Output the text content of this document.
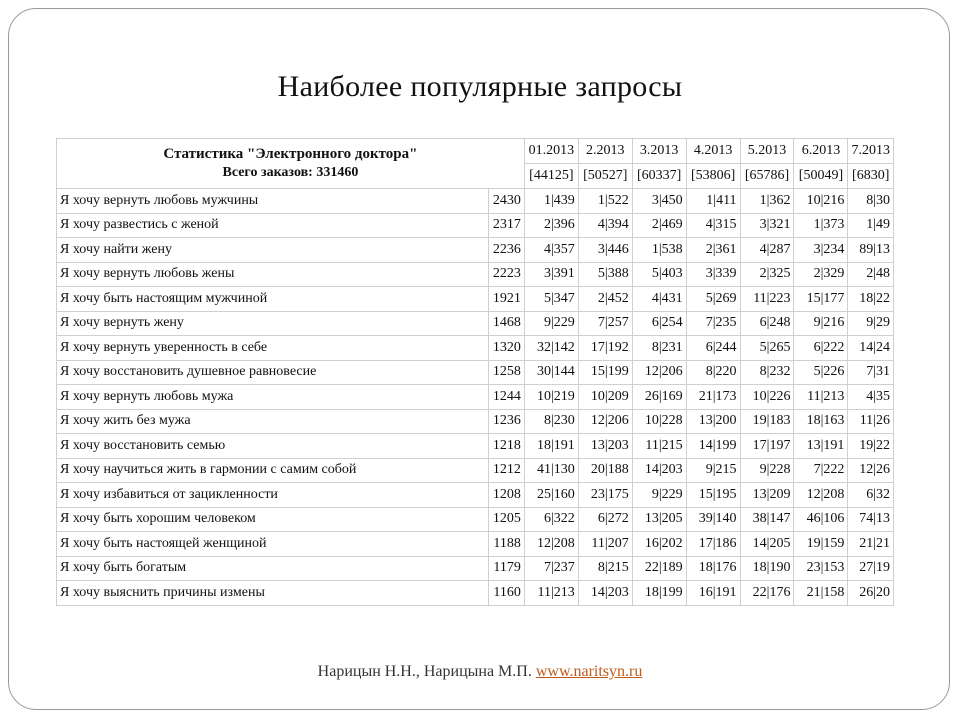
Наиболее популярные запросы
Статистика "Электронного доктора"
Всего заказов: 331460		01.2013	2.2013	3.2013	4.2013	5.2013	6.2013	7.2013
		[44125]	[50527]	[60337]	[53806]	[65786]	[50049]	[6830]
Я хочу вернуть любовь мужчины	2430	1|439	1|522	3|450	1|411	1|362	10|216	8|30
Я хочу развестись с женой	2317	2|396	4|394	2|469	4|315	3|321	1|373	1|49
Я хочу найти жену	2236	4|357	3|446	1|538	2|361	4|287	3|234	89|13
Я хочу вернуть любовь жены	2223	3|391	5|388	5|403	3|339	2|325	2|329	2|48
Я хочу быть настоящим мужчиной	1921	5|347	2|452	4|431	5|269	11|223	15|177	18|22
Я хочу вернуть жену	1468	9|229	7|257	6|254	7|235	6|248	9|216	9|29
Я хочу вернуть уверенность в себе	1320	32|142	17|192	8|231	6|244	5|265	6|222	14|24
Я хочу восстановить душевное равновесие	1258	30|144	15|199	12|206	8|220	8|232	5|226	7|31
Я хочу вернуть любовь мужа	1244	10|219	10|209	26|169	21|173	10|226	11|213	4|35
Я хочу жить без мужа	1236	8|230	12|206	10|228	13|200	19|183	18|163	11|26
Я хочу восстановить семью	1218	18|191	13|203	11|215	14|199	17|197	13|191	19|22
Я хочу научиться жить в гармонии с самим собой	1212	41|130	20|188	14|203	9|215	9|228	7|222	12|26
Я хочу избавиться от зацикленности	1208	25|160	23|175	9|229	15|195	13|209	12|208	6|32
Я хочу быть хорошим человеком	1205	6|322	6|272	13|205	39|140	38|147	46|106	74|13
Я хочу быть настоящей женщиной	1188	12|208	11|207	16|202	17|186	14|205	19|159	21|21
Я хочу быть богатым	1179	7|237	8|215	22|189	18|176	18|190	23|153	27|19
Я хочу выяснить причины измены	1160	11|213	14|203	18|199	16|191	22|176	21|158	26|20
Нарицын Н.Н., Нарицына М.П. www.naritsyn.ru
